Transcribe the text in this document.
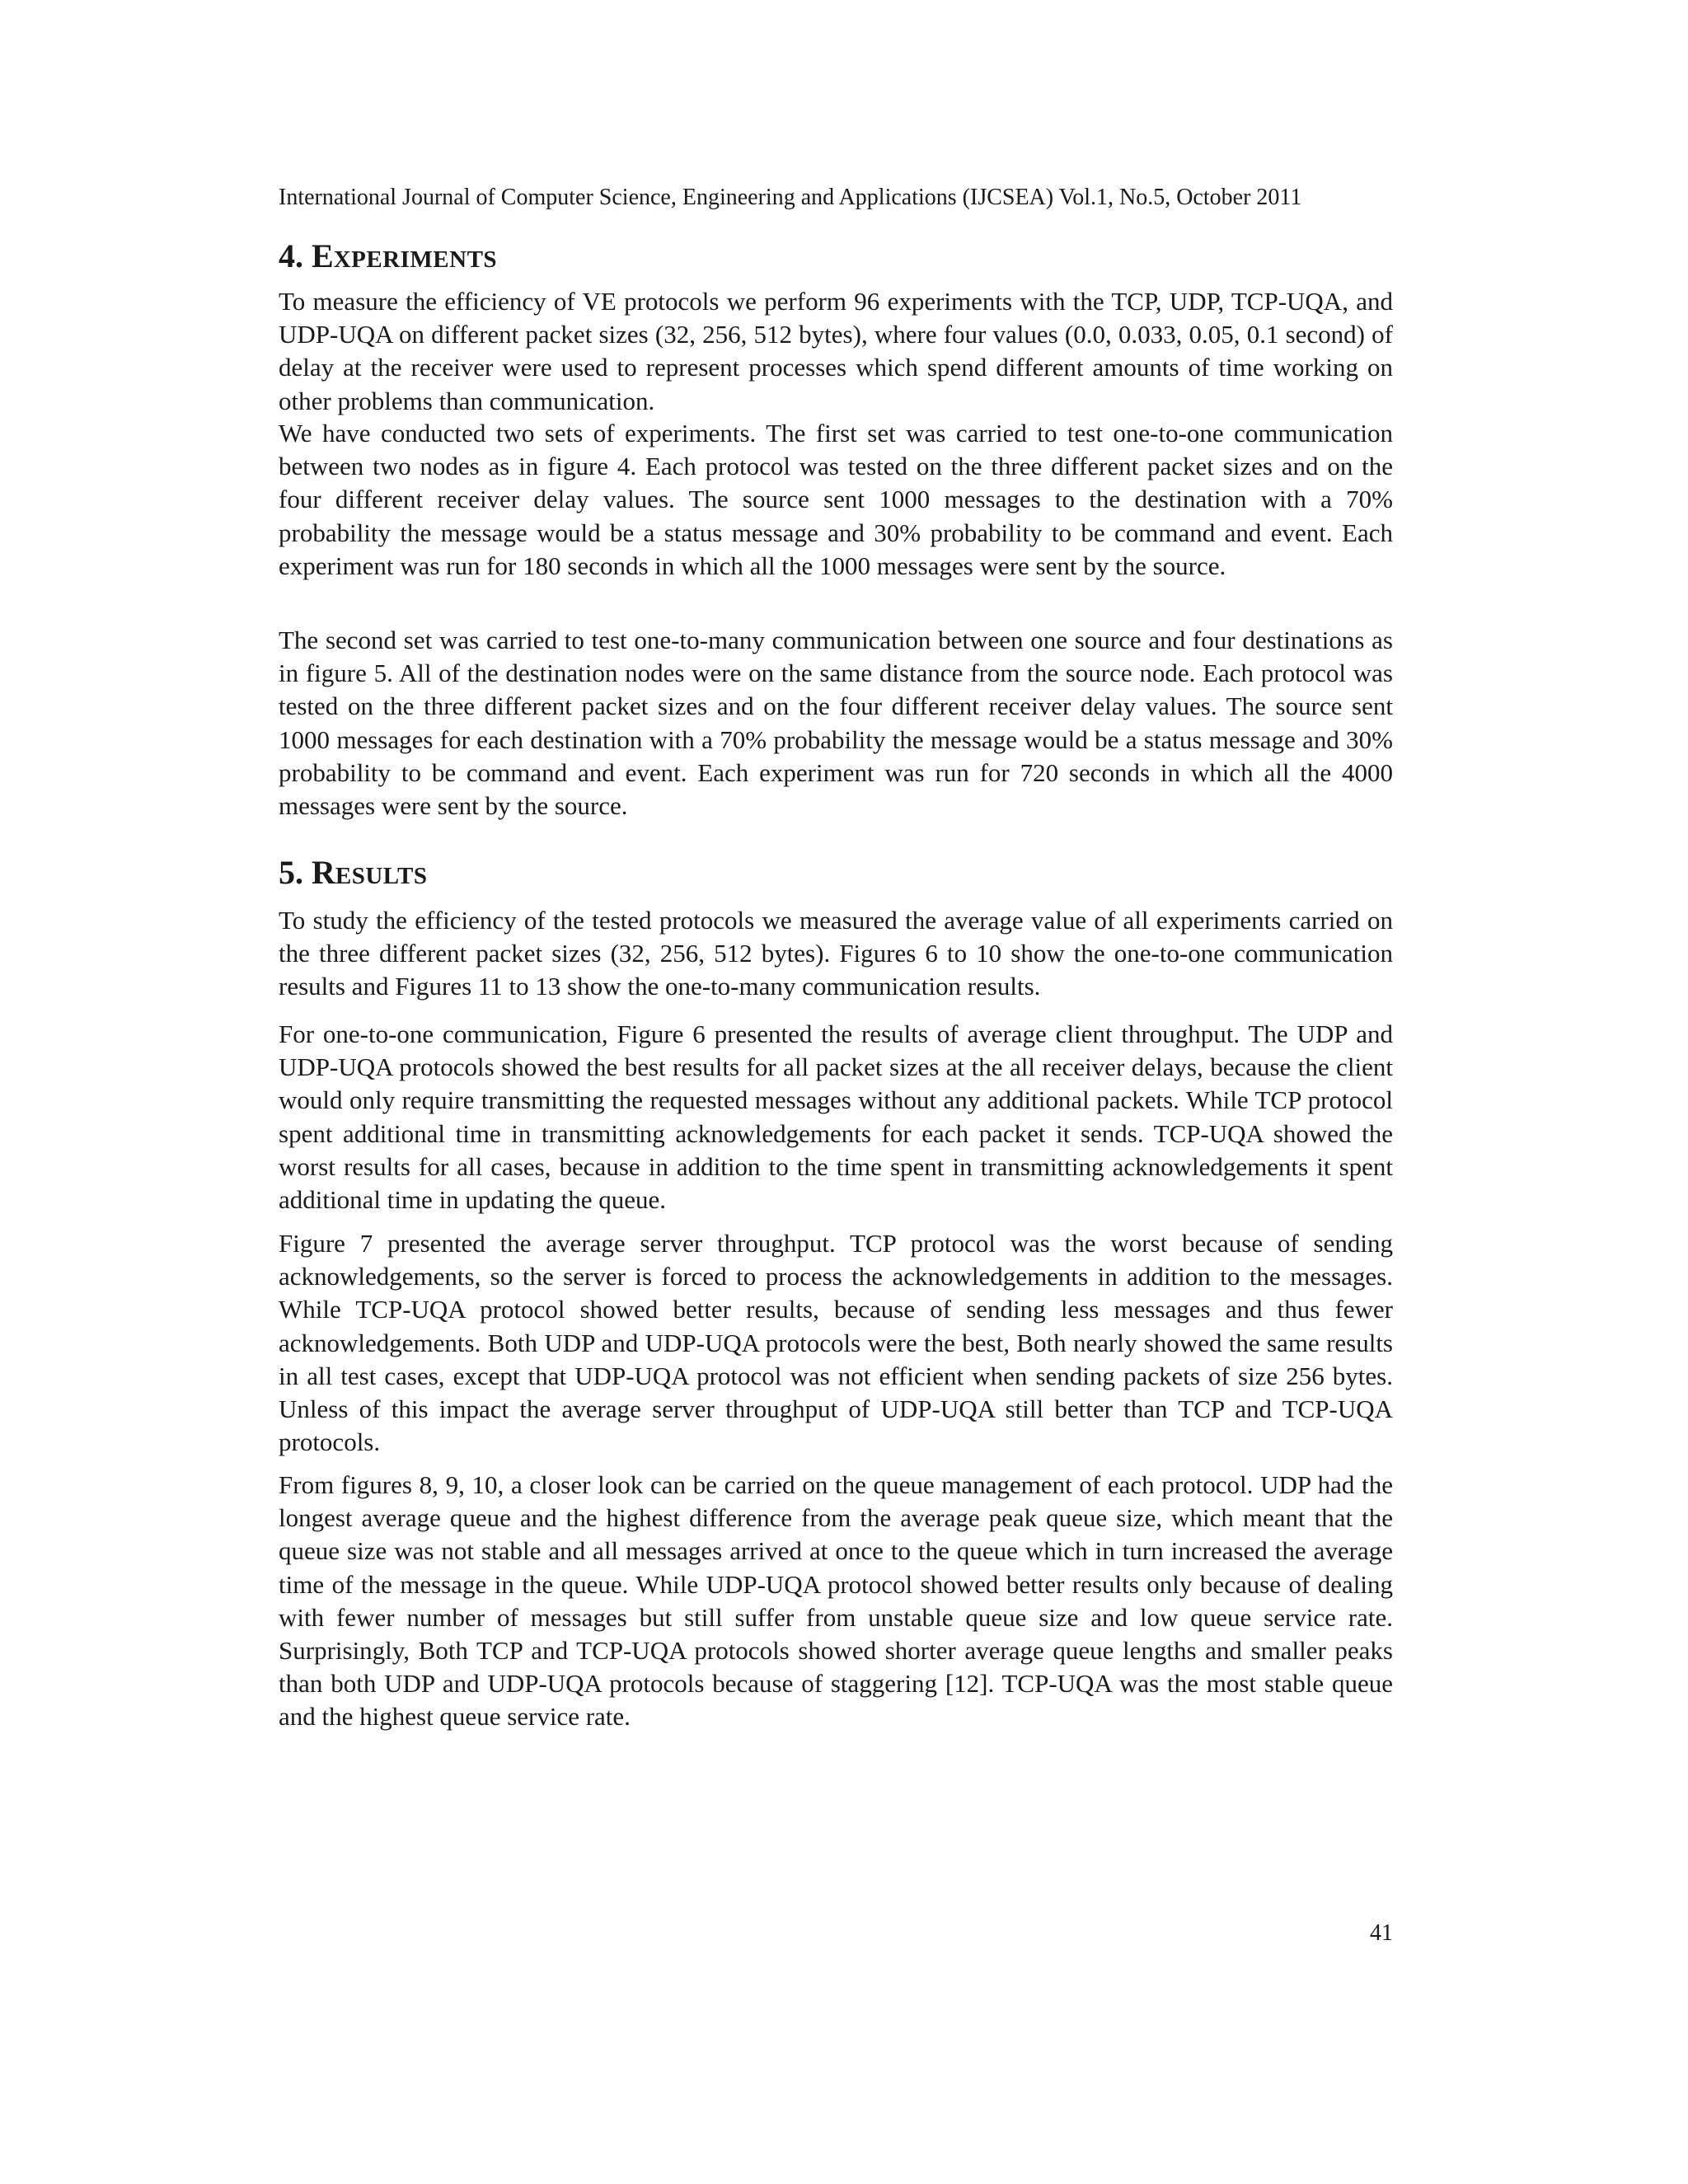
International Journal of Computer Science, Engineering and Applications (IJCSEA) Vol.1, No.5, October 2011
4. EXPERIMENTS

To measure the efficiency of VE protocols we perform 96 experiments with the TCP, UDP, TCP-UQA, and UDP-UQA on different packet sizes (32, 256, 512 bytes), where four values (0.0, 0.033, 0.05, 0.1 second) of delay at the receiver were used to represent processes which spend different amounts of time working on other problems than communication.

We have conducted two sets of experiments. The first set was carried to test one-to-one communication between two nodes as in figure 4. Each protocol was tested on the three different packet sizes and on the four different receiver delay values. The source sent 1000 messages to the destination with a 70% probability the message would be a status message and 30% probability to be command and event. Each experiment was run for 180 seconds in which all the 1000 messages were sent by the source.

The second set was carried to test one-to-many communication between one source and four destinations as in figure 5. All of the destination nodes were on the same distance from the source node. Each protocol was tested on the three different packet sizes and on the four different receiver delay values. The source sent 1000 messages for each destination with a 70% probability the message would be a status message and 30% probability to be command and event. Each experiment was run for 720 seconds in which all the 4000 messages were sent by the source.

5. RESULTS

To study the efficiency of the tested protocols we measured the average value of all experiments carried on the three different packet sizes (32, 256, 512 bytes). Figures 6 to 10 show the one-to-one communication results and Figures 11 to 13 show the one-to-many communication results.

For one-to-one communication, Figure 6 presented the results of average client throughput. The UDP and UDP-UQA protocols showed the best results for all packet sizes at the all receiver delays, because the client would only require transmitting the requested messages without any additional packets. While TCP protocol spent additional time in transmitting acknowledgements for each packet it sends. TCP-UQA showed the worst results for all cases, because in addition to the time spent in transmitting acknowledgements it spent additional time in updating the queue.

Figure 7 presented the average server throughput. TCP protocol was the worst because of sending acknowledgements, so the server is forced to process the acknowledgements in addition to the messages. While TCP-UQA protocol showed better results, because of sending less messages and thus fewer acknowledgements. Both UDP and UDP-UQA protocols were the best, Both nearly showed the same results in all test cases, except that UDP-UQA protocol was not efficient when sending packets of size 256 bytes. Unless of this impact the average server throughput of UDP-UQA still better than TCP and TCP-UQA protocols.

From figures 8, 9, 10, a closer look can be carried on the queue management of each protocol. UDP had the longest average queue and the highest difference from the average peak queue size, which meant that the queue size was not stable and all messages arrived at once to the queue which in turn increased the average time of the message in the queue. While UDP-UQA protocol showed better results only because of dealing with fewer number of messages but still suffer from unstable queue size and low queue service rate. Surprisingly, Both TCP and TCP-UQA protocols showed shorter average queue lengths and smaller peaks than both UDP and UDP-UQA protocols because of staggering [12]. TCP-UQA was the most stable queue and the highest queue service rate.

41
